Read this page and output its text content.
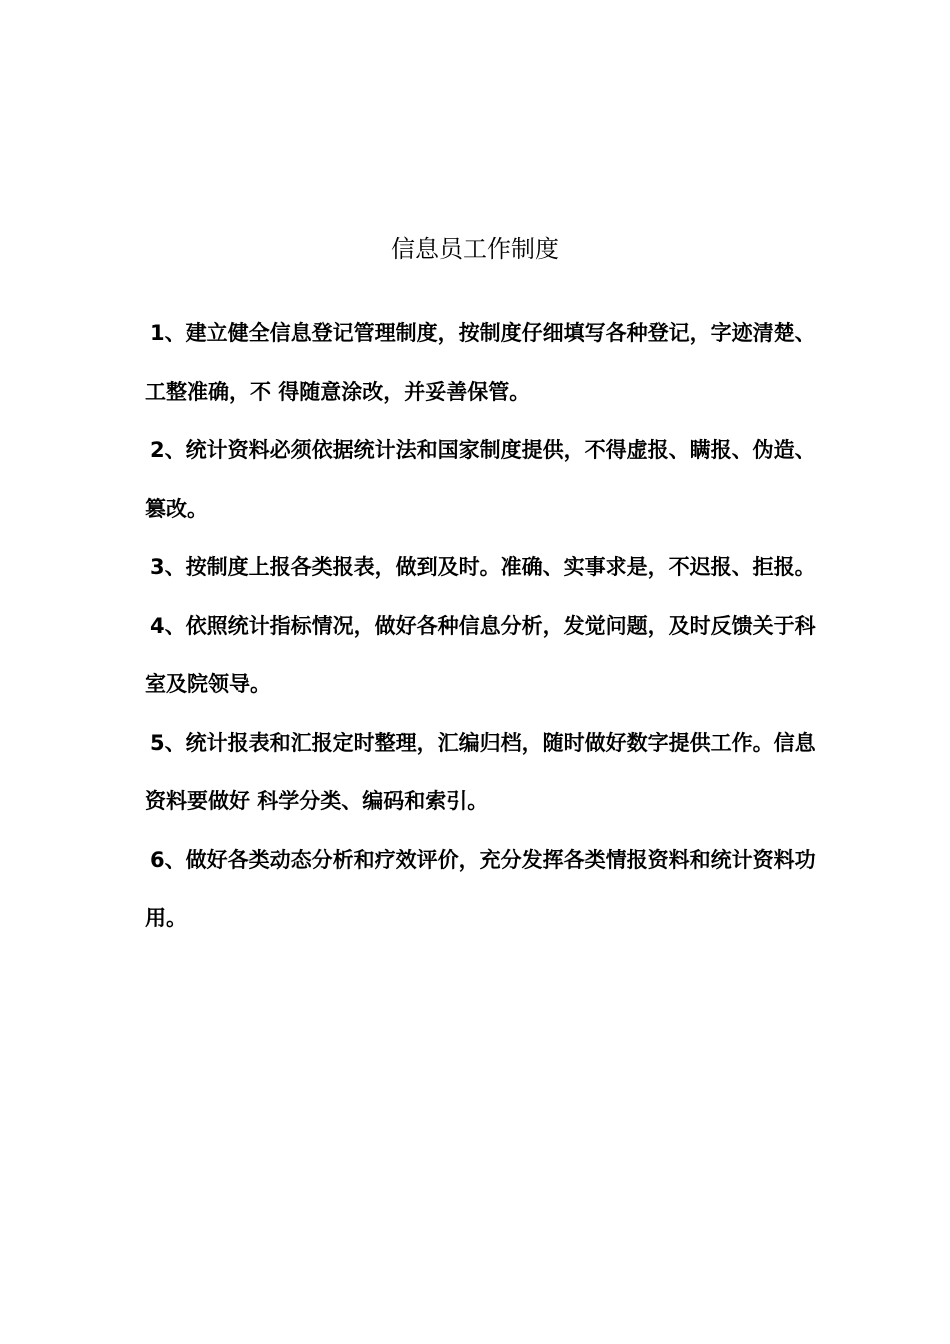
信息员工作制度
1、建立健全信息登记管理制度，按制度仔细填写各种登记，字迹清楚、工整准确，不 得随意涂改，并妥善保管。
2、统计资料必须依据统计法和国家制度提供，不得虚报、瞒报、伪造、篡改。
3、按制度上报各类报表，做到及时。准确、实事求是，不迟报、拒报。
4、依照统计指标情况，做好各种信息分析，发觉问题，及时反馈关于科室及院领导。
5、统计报表和汇报定时整理，汇编归档，随时做好数字提供工作。信息资料要做好 科学分类、编码和索引。
6、做好各类动态分析和疗效评价，充分发挥各类情报资料和统计资料功用。
